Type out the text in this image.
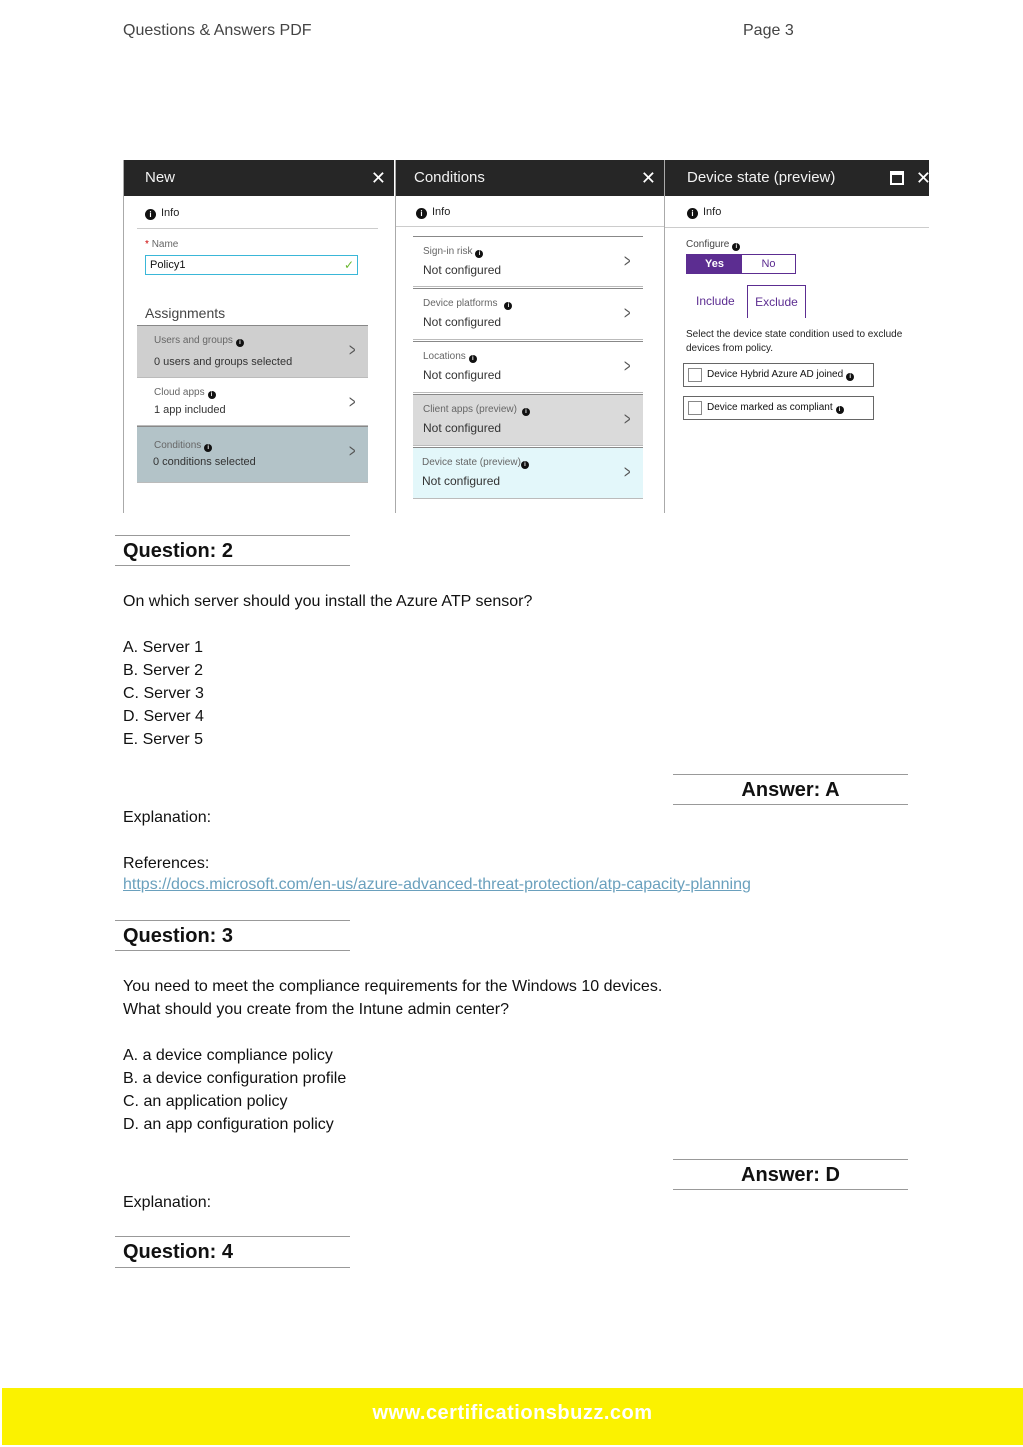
Questions & Answers PDF	Page 3
New	✕
i Info
* Name
Policy1	✓
Assignments
Users and groups i
0 users and groups selected
>
Cloud apps i
1 app included	>
Conditions i
0 conditions selected
>
Conditions	✕
i Info
Sign-in risk i
Not configured	>
Device platforms i
Not configured	>
Locations i
Not configured	>
Client apps (preview) i
Not configured	>
Device state (preview) i
Not configured	>
Device state (preview)	✕
i Info
Configure i
Yes	No
Include	Exclude
Select the device state condition used to exclude devices from policy.
Device Hybrid Azure AD joined i
Device marked as compliant i
Question: 2
On which server should you install the Azure ATP sensor?
A. Server 1
B. Server 2
C. Server 3
D. Server 4
E. Server 5
Answer: A
Explanation:
References:
https://docs.microsoft.com/en-us/azure-advanced-threat-protection/atp-capacity-planning
Question: 3
You need to meet the compliance requirements for the Windows 10 devices.
What should you create from the Intune admin center?
A. a device compliance policy
B. a device configuration profile
C. an application policy
D. an app configuration policy
Answer: D
Explanation:
Question: 4
www.certificationsbuzz.com
